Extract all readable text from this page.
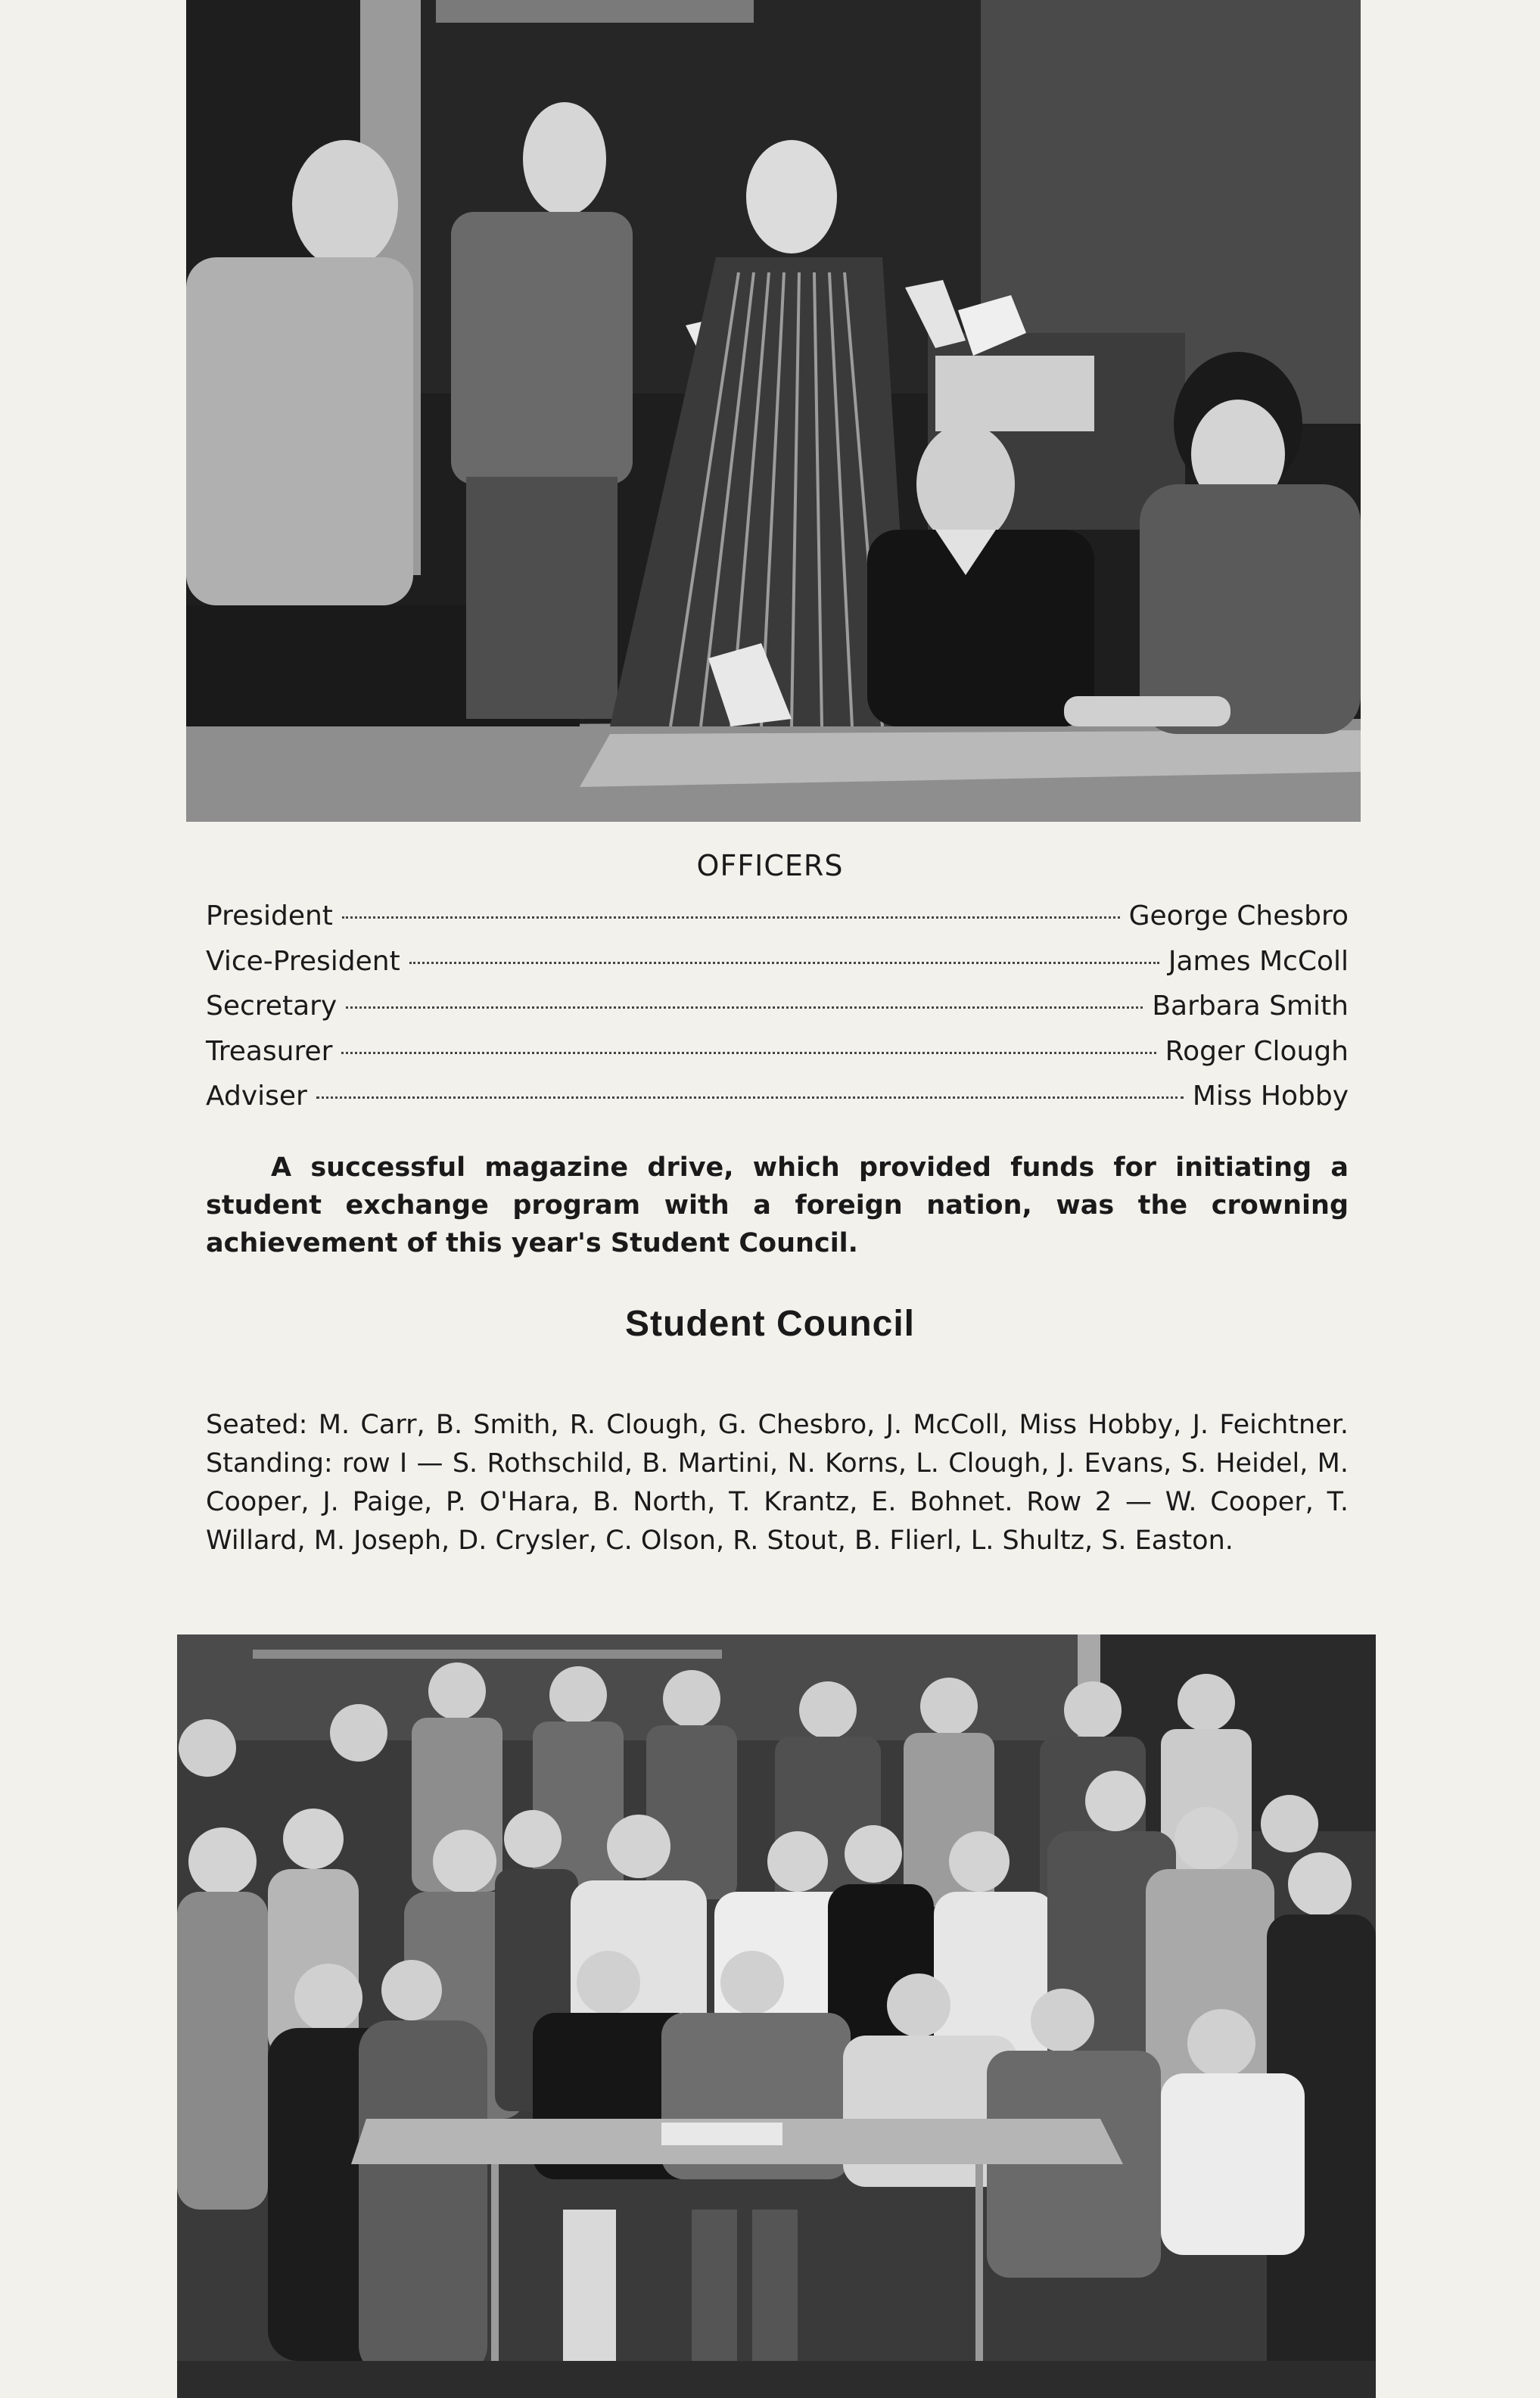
OFFICERS
President	George Chesbro
Vice-President	James McColl
Secretary	Barbara Smith
Treasurer	Roger Clough
Adviser	Miss Hobby

A successful magazine drive, which provided funds for initiating a student exchange program with a foreign nation, was the crowning achievement of this year's Student Council.

Student Council

Seated: M. Carr, B. Smith, R. Clough, G. Chesbro, J. McColl, Miss Hobby, J. Feichtner. Standing: row I — S. Rothschild, B. Martini, N. Korns, L. Clough, J. Evans, S. Heidel, M. Cooper, J. Paige, P. O'Hara, B. North, T. Krantz, E. Bohnet. Row 2 — W. Cooper, T. Willard, M. Joseph, D. Crysler, C. Olson, R. Stout, B. Flierl, L. Shultz, S. Easton.
